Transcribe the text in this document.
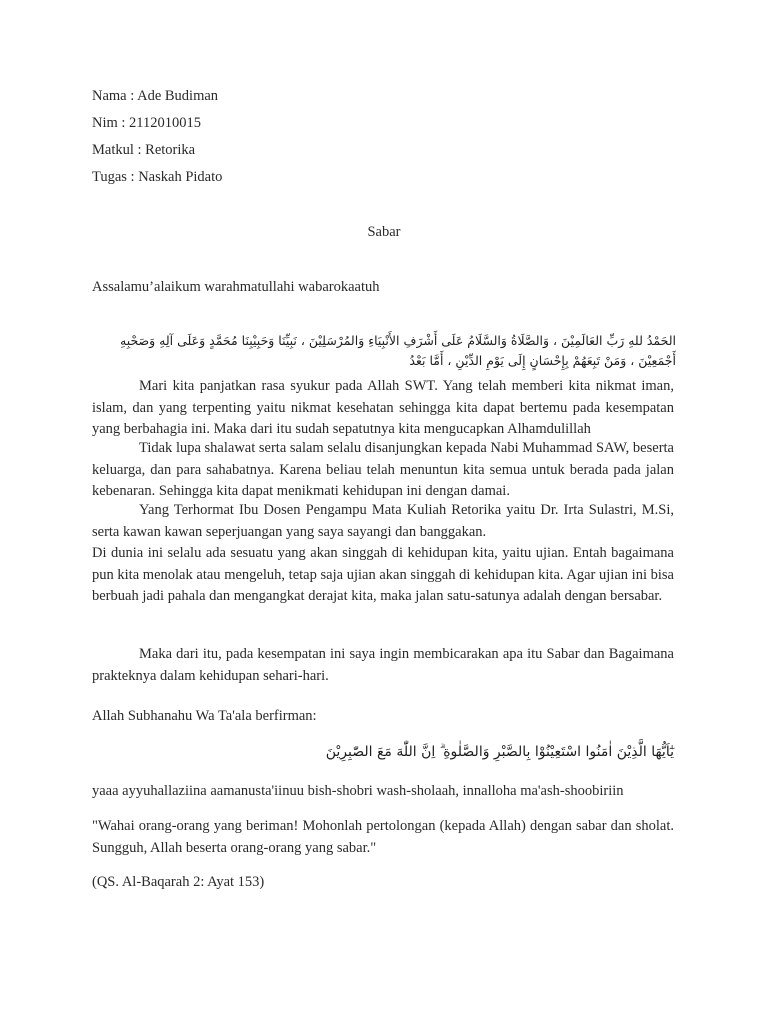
Nama : Ade Budiman
Nim : 2112010015
Matkul : Retorika
Tugas : Naskah Pidato
Sabar
Assalamu’alaikum warahmatullahi wabarokaatuh
الحَمْدُ للهِ رَبِّ العَالَمِيْنَ ، وَالصَّلَاةُ وَالسَّلَامُ عَلَى أَشْرَفِ الأَنْبِيَاءِ وَالمُرْسَلِيْنَ ، نَبِيِّنَا وَحَبِيْبِنَا مُحَمَّدٍ وَعَلَى آلِهِ وَصَحْبِهِ أَجْمَعِيْنَ ، وَمَنْ تَبِعَهُمْ بِإِحْسَانٍ إِلَى يَوْمِ الدِّيْنِ ، أَمَّا بَعْدُ

Mari kita panjatkan rasa syukur pada Allah SWT. Yang telah memberi kita nikmat iman, islam, dan yang terpenting yaitu nikmat kesehatan sehingga kita dapat bertemu pada kesempatan yang berbahagia ini. Maka dari itu sudah sepatutnya kita mengucapkan Alhamdulillah

Tidak lupa shalawat serta salam selalu disanjungkan kepada Nabi Muhammad SAW, beserta keluarga, dan para sahabatnya. Karena beliau telah menuntun kita semua untuk berada pada jalan kebenaran. Sehingga kita dapat menikmati kehidupan ini dengan damai.

Yang Terhormat Ibu Dosen Pengampu Mata Kuliah Retorika yaitu Dr. Irta Sulastri, M.Si, serta kawan kawan seperjuangan yang saya sayangi dan banggakan.

Di dunia ini selalu ada sesuatu yang akan singgah di kehidupan kita, yaitu ujian. Entah bagaimana pun kita menolak atau mengeluh, tetap saja ujian akan singgah di kehidupan kita. Agar ujian ini bisa berbuah jadi pahala dan mengangkat derajat kita, maka jalan satu-satunya adalah dengan bersabar.

Maka dari itu, pada kesempatan ini saya ingin membicarakan apa itu Sabar dan Bagaimana prakteknya dalam kehidupan sehari-hari.

Allah Subhanahu Wa Ta'ala berfirman:
يٰٓاَيُّهَا الَّذِيْنَ اٰمَنُوا اسْتَعِيْنُوْا بِالصَّبْرِ وَالصَّلٰوةِ ۗ اِنَّ اللّٰهَ مَعَ الصّٰبِرِيْنَ
yaaa ayyuhallaziina aamanusta'iinuu bish-shobri wash-sholaah, innalloha ma'ash-shoobiriin

"Wahai orang-orang yang beriman! Mohonlah pertolongan (kepada Allah) dengan sabar dan sholat. Sungguh, Allah beserta orang-orang yang sabar."

(QS. Al-Baqarah 2: Ayat 153)
